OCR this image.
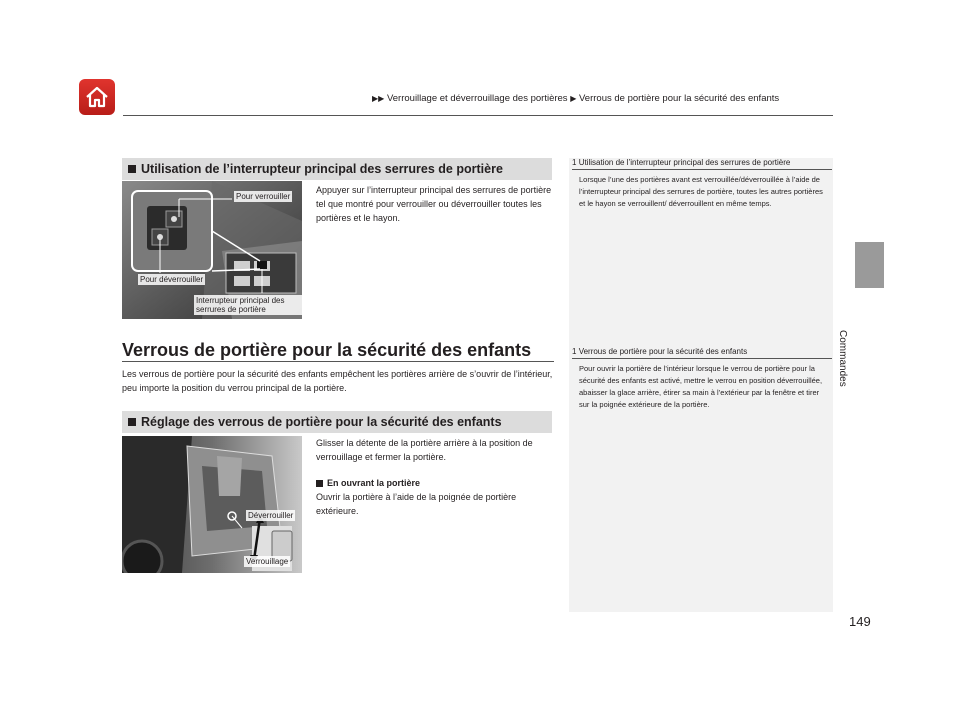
▶▶ Verrouillage et déverrouillage des portières ▶ Verrous de portière pour la sécurité des enfants
Commandes
149
Utilisation de l’interrupteur principal des serrures de portière
Pour verrouiller
Pour déverrouiller
Interrupteur principal des serrures de portière
Appuyer sur l’interrupteur principal des serrures de portière tel que montré pour verrouiller ou déverrouiller toutes les portières et le hayon.
Verrous de portière pour la sécurité des enfants
Les verrous de portière pour la sécurité des enfants empêchent les portières arrière de s’ouvrir de l’intérieur, peu importe la position du verrou principal de la portière.
Réglage des verrous de portière pour la sécurité des enfants
Déverrouiller
Verrouillage
Glisser la détente de la portière arrière à la position de verrouillage et fermer la portière.
En ouvrant la portière
Ouvrir la portière à l’aide de la poignée de portière extérieure.
1 Utilisation de l’interrupteur principal des serrures de portière
Lorsque l’une des portières avant est verrouillée/déverrouillée à l’aide de l’interrupteur principal des serrures de portière, toutes les autres portières et le hayon se verrouillent/ déverrouillent en même temps.
1 Verrous de portière pour la sécurité des enfants
Pour ouvrir la portière de l’intérieur lorsque le verrou de portière pour la sécurité des enfants est activé, mettre le verrou en position déverrouillée, abaisser la glace arrière, étirer sa main à l’extérieur par la fenêtre et tirer sur la poignée extérieure de la portière.
